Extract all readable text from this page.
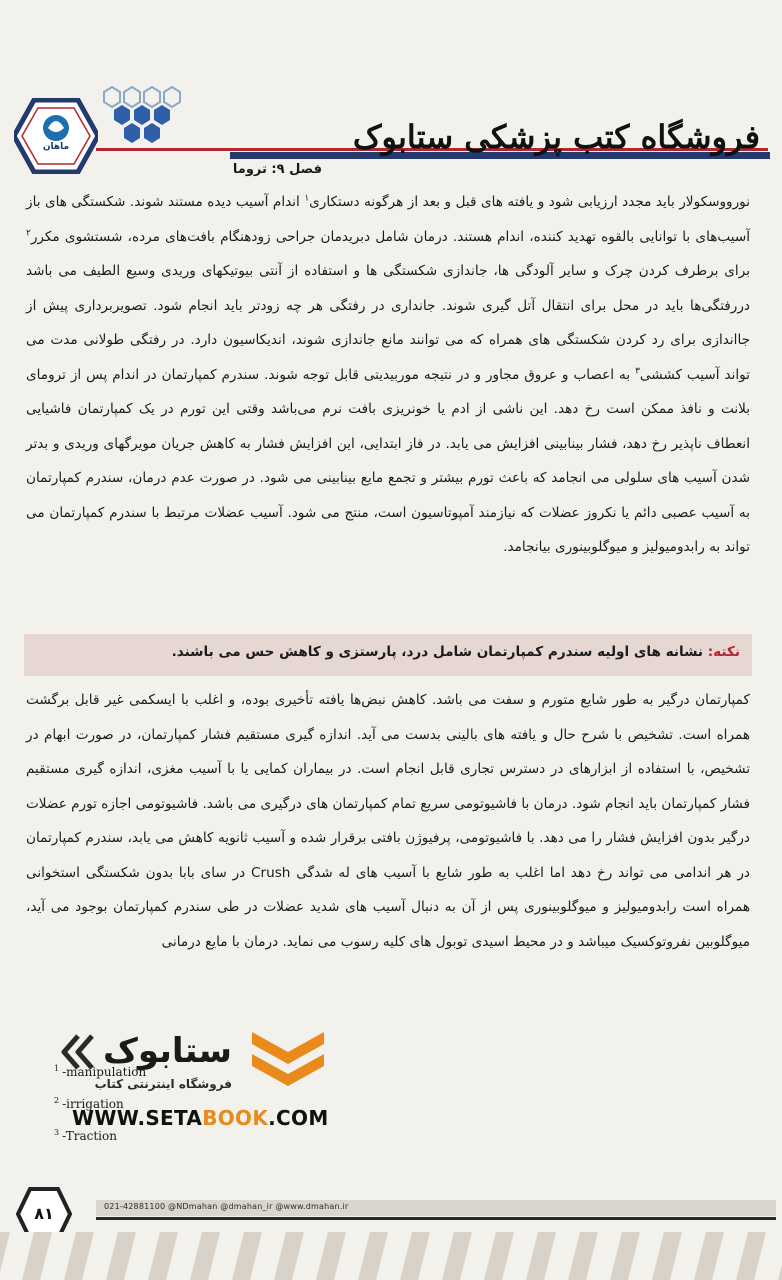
ماهان	فروشگاه کتب پزشکی ستابوک
فصل ۹: تروما

نورووسکولار باید مجدد ارزیابی شود و یافته های قبل و بعد از هرگونه دستکاری$^۱$ اندام آسیب دیده مستند شوند. شکستگی های باز آسیب‌های با توانایی بالقوه تهدید کننده، اندام هستند. درمان شامل دبریدمان جراحی زودهنگام بافت‌های مرده، شستشوی مکرر$^۲$ برای برطرف کردن چرک و سایر آلودگی ها، جاندازی شکستگی ها و استفاده از آنتی بیوتیکهای وریدی وسیع الطیف می باشد دررفتگی‌ها باید در محل برای انتقال آتل گیری شوند. جانداری در رفتگی هر چه زودتر باید انجام شود. تصویربرداری پیش از جااندازی برای رد کردن شکستگی های همراه که می توانند مانع جاندازی شوند، اندیکاسیون دارد. در رفتگی طولانی مدت می تواند آسیب کششی$^۳$ به اعصاب و عروق مجاور و در نتیجه موربیدیتی قابل توجه شوند. سندرم کمپارتمان در اندام پس از ترومای بلانت و نافذ ممکن است رخ دهد. این ناشی از ادم یا خونریزی بافت نرم می‌باشد وقتی این تورم در یک کمپارتمان فاشیایی انعطاف ناپذیر رخ دهد، فشار بینابینی افزایش می یابد. در فاز ابتدایی، این افزایش فشار به کاهش جریان مویرگهای وریدی و بدتر شدن آسیب های سلولی می انجامد که باعث تورم بیشتر و تجمع مایع بینابینی می شود. در صورت عدم درمان، سندرم کمپارتمان به آسیب عصبی دائم یا نکروز عضلات که نیازمند آمپوتاسیون است، منتج می شود. آسیب عضلات مرتبط با سندرم کمپارتمان می تواند به رابدومیولیز و میوگلوبینوری بیانجامد.

نکته: نشانه های اولیه سندرم کمپارتمان شامل درد، پارستزی و کاهش حس می باشند.

کمپارتمان درگیر به طور شایع متورم و سفت می باشد. کاهش نبض‌ها یافته تأخیری بوده، و اغلب با ایسکمی غیر قابل برگشت همراه است. تشخیص با شرح حال و یافته های بالینی بدست می آید. اندازه گیری مستقیم فشار کمپارتمان، در صورت ابهام در تشخیص، با استفاده از ابزارهای در دسترس تجاری قابل انجام است. در بیماران کمایی یا با آسیب مغزی، اندازه گیری مستقیم فشار کمپارتمان باید انجام شود. درمان با فاشیوتومی سریع تمام کمپارتمان های درگیری می باشد. فاشیوتومی اجازه تورم عضلات درگیر بدون افزایش فشار را می دهد. با فاشیوتومی، پرفیوژن بافتی برقرار شده و آسیب ثانویه کاهش می یابد، سندرم کمپارتمان در هر اندامی می تواند رخ دهد اما اغلب به طور شایع با آسیب های له شدگی Crush در سای بابا بدون شکستگی استخوانی همراه است رابدومیولیز و میوگلوبینوری پس از آن به دنبال آسیب های شدید عضلات در طی سندرم کمپارتمان بوجود می آید، میوگلوبین نفروتوکسیک میباشد و در محیط اسیدی توبول های کلیه رسوب می نماید. درمان با مایع درمانی

ستابوک
فروشگاه اینترنتی کتاب
$^1$ -manipulation
$^2$ -irrigation
$^3$ -Traction
WWW.SETABOOK.COM
۸۱	021-42881100 @NDmahan @dmahan_ir @www.dmahan.ir
